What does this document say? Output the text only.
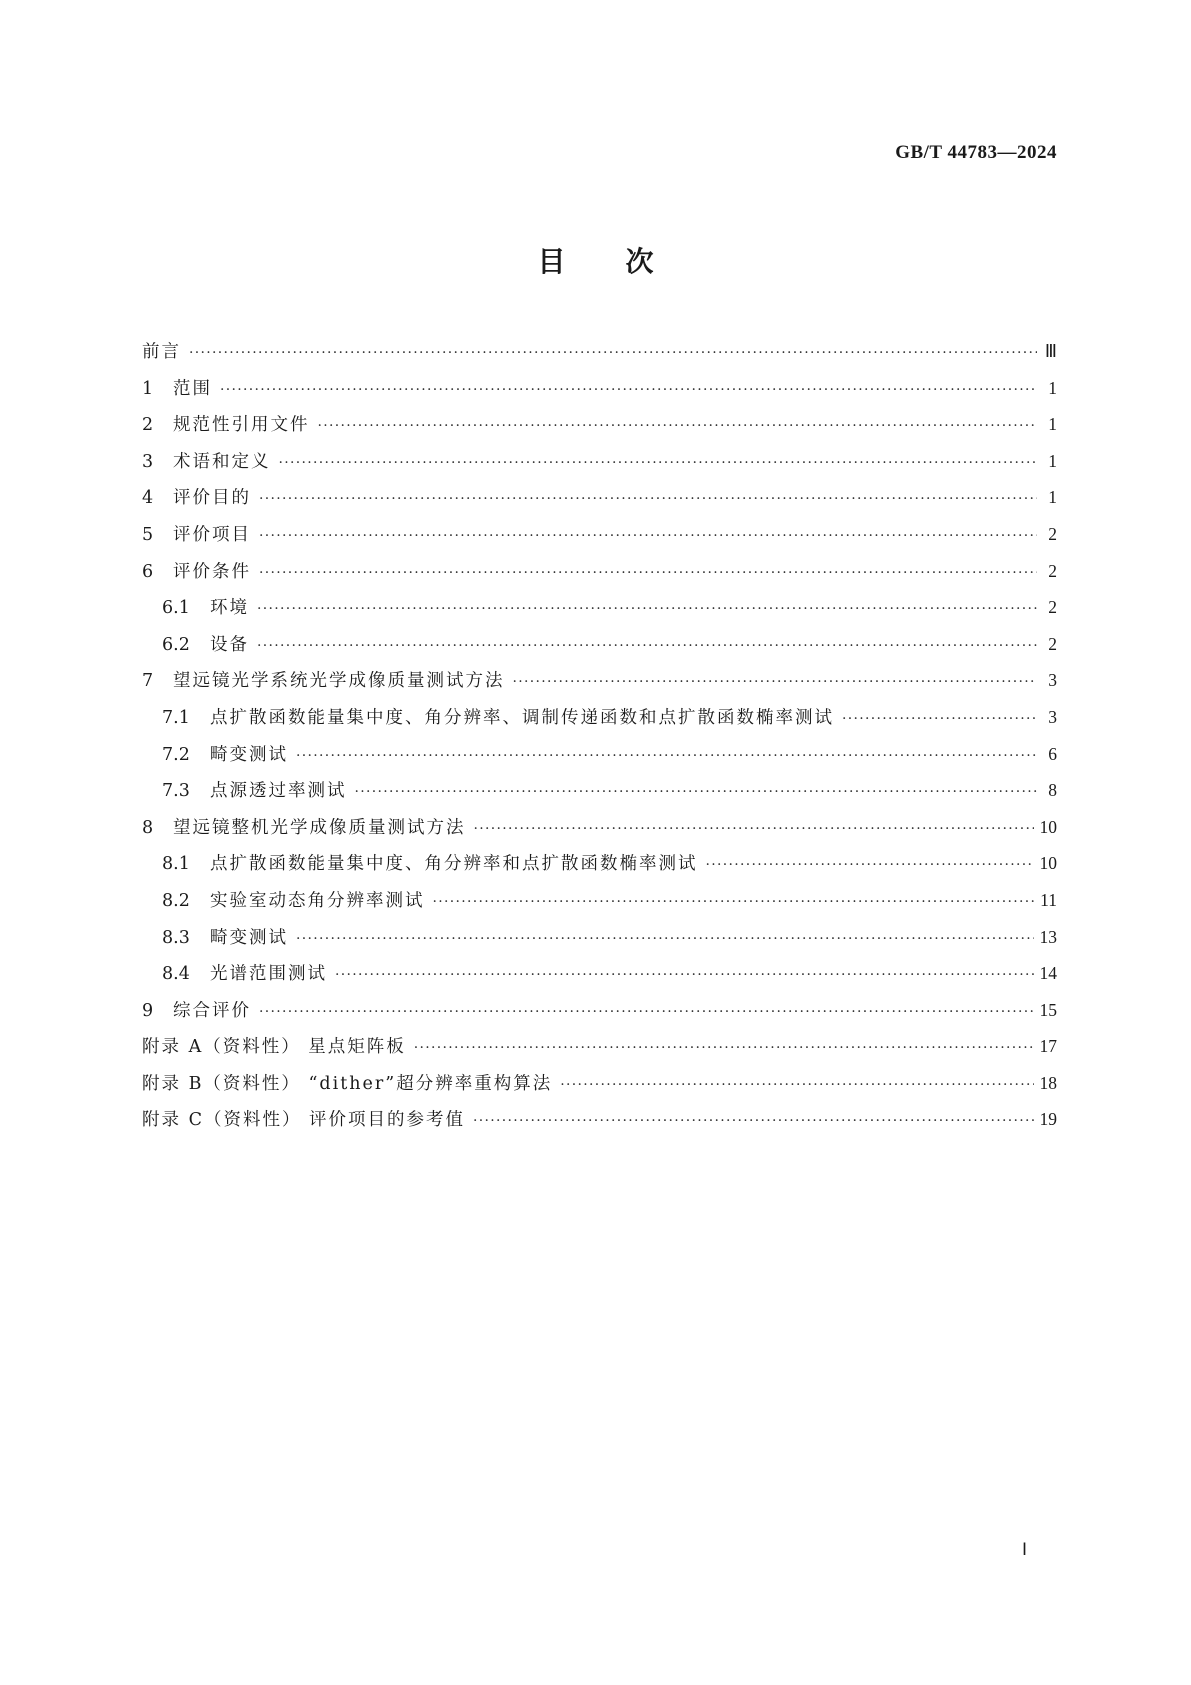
GB/T 44783—2024
目次
前言 ·····	Ⅲ
1	范围 ·····	1
2	规范性引用文件 ·····	1
3	术语和定义 ·····	1
4	评价目的 ·····	1
5	评价项目 ·····	2
6	评价条件 ·····	2
6.1	环境 ·····	2
6.2	设备 ·····	2
7	望远镜光学系统光学成像质量测试方法 ·····	3
7.1	点扩散函数能量集中度、角分辨率、调制传递函数和点扩散函数椭率测试 ·····	3
7.2	畸变测试 ·····	6
7.3	点源透过率测试 ·····	8
8	望远镜整机光学成像质量测试方法 ·····	10
8.1	点扩散函数能量集中度、角分辨率和点扩散函数椭率测试 ·····	10
8.2	实验室动态角分辨率测试 ·····	11
8.3	畸变测试 ·····	13
8.4	光谱范围测试 ·····	14
9	综合评价 ·····	15
附录 A（资料性） 星点矩阵板 ·····	17
附录 B（资料性） “dither”超分辨率重构算法 ·····	18
附录 C（资料性） 评价项目的参考值 ·····	19
Ⅰ
